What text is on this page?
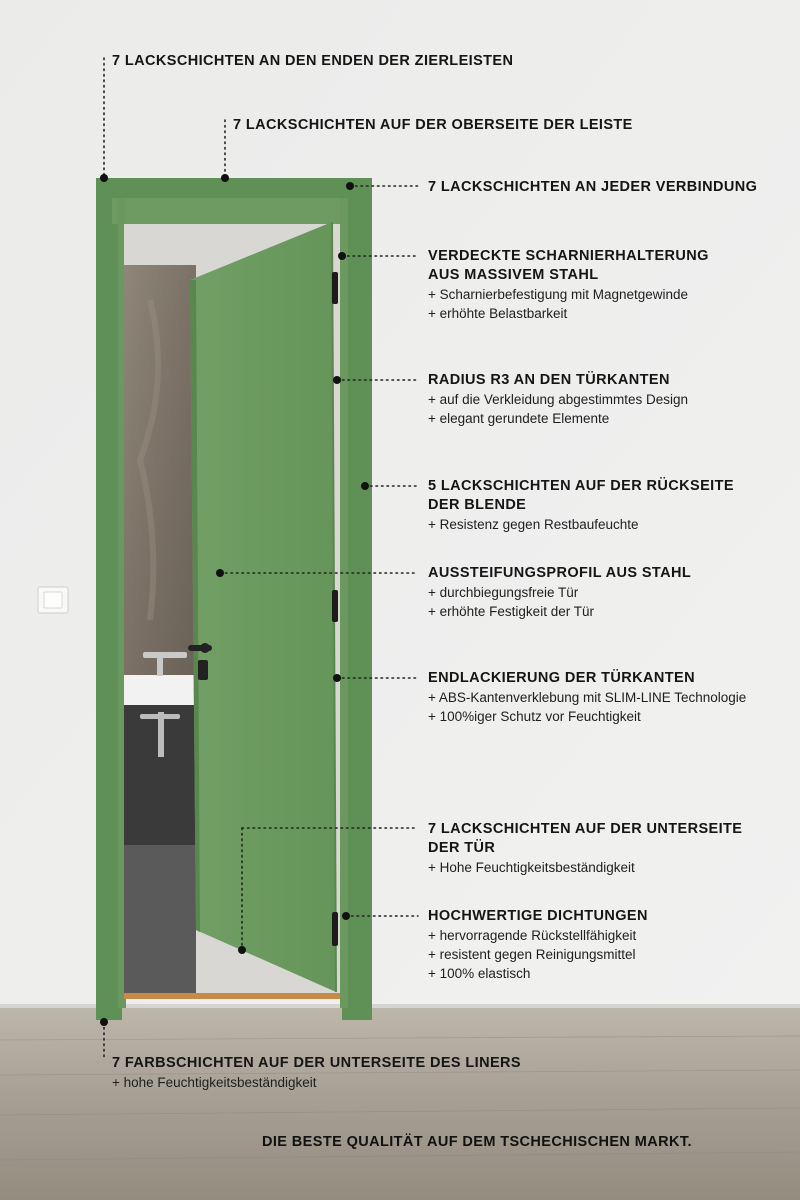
7 LACKSCHICHTEN AN DEN ENDEN DER ZIERLEISTEN
7 LACKSCHICHTEN AUF DER OBERSEITE DER LEISTE
7 LACKSCHICHTEN AN JEDER VERBINDUNG
VERDECKTE SCHARNIERHALTERUNG
AUS MASSIVEM STAHL
+ Scharnierbefestigung mit Magnetgewinde
+ erhöhte Belastbarkeit
RADIUS R3 AN DEN TÜRKANTEN
+ auf die Verkleidung abgestimmtes Design
+ elegant gerundete Elemente
5 LACKSCHICHTEN AUF DER RÜCKSEITE
DER BLENDE
+ Resistenz gegen Restbaufeuchte
AUSSTEIFUNGSPROFIL AUS STAHL
+ durchbiegungsfreie Tür
+ erhöhte Festigkeit der Tür
ENDLACKIERUNG DER TÜRKANTEN
+ ABS-Kantenverklebung mit SLIM-LINE Technologie
+ 100%iger Schutz vor Feuchtigkeit
7 LACKSCHICHTEN AUF DER UNTERSEITE
DER TÜR
+ Hohe Feuchtigkeitsbeständigkeit
HOCHWERTIGE DICHTUNGEN
+ hervorragende Rückstellfähigkeit
+ resistent gegen Reinigungsmittel
+ 100% elastisch
7 FARBSCHICHTEN AUF DER UNTERSEITE DES LINERS
+ hohe Feuchtigkeitsbeständigkeit
DIE BESTE QUALITÄT AUF DEM TSCHECHISCHEN MARKT.
